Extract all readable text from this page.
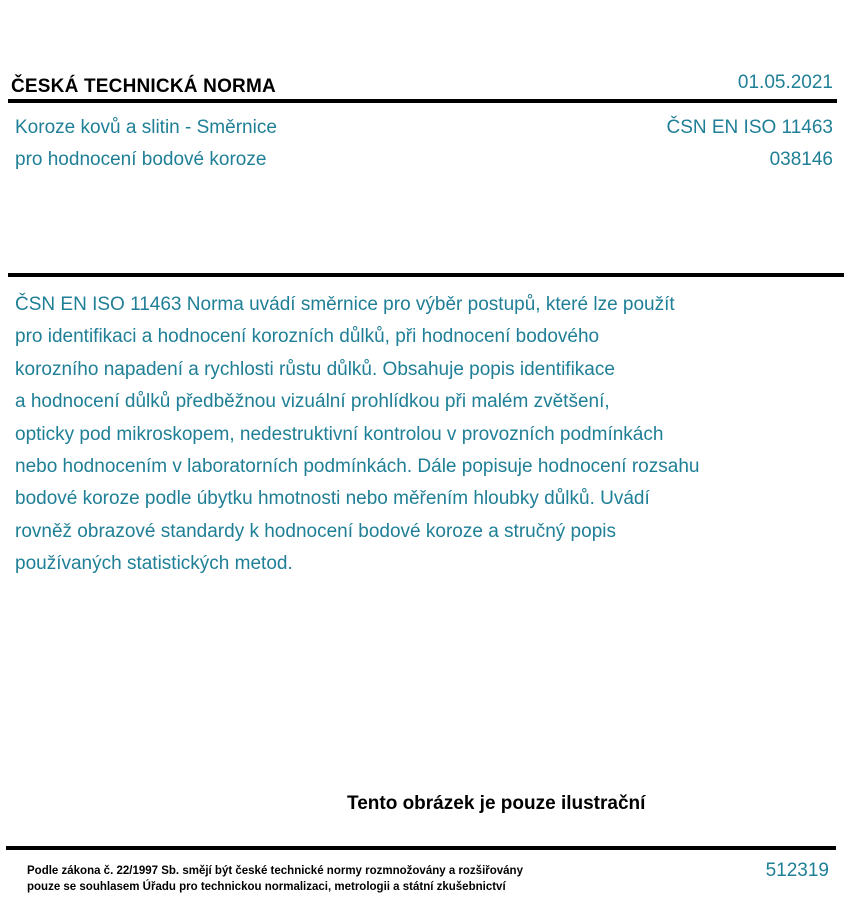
ČESKÁ TECHNICKÁ NORMA	01.05.2021
Koroze kovů a slitin - Směrnice
pro hodnocení bodové koroze
ČSN EN ISO 11463
038146
ČSN EN ISO 11463 Norma uvádí směrnice pro výběr postupů, které lze použít
pro identifikaci a hodnocení korozních důlků, při hodnocení bodového
korozního napadení a rychlosti růstu důlků. Obsahuje popis identifikace
a hodnocení důlků předběžnou vizuální prohlídkou při malém zvětšení,
opticky pod mikroskopem, nedestruktivní kontrolou v provozních podmínkách
nebo hodnocením v laboratorních podmínkách. Dále popisuje hodnocení rozsahu
bodové koroze podle úbytku hmotnosti nebo měřením hloubky důlků. Uvádí
rovněž obrazové standardy k hodnocení bodové koroze a stručný popis
používaných statistických metod.
Tento obrázek je pouze ilustrační
Podle zákona č. 22/1997 Sb. smějí být české technické normy rozmnožovány a rozšiřovány
pouze se souhlasem Úřadu pro technickou normalizaci, metrologii a státní zkušebnictví
512319
